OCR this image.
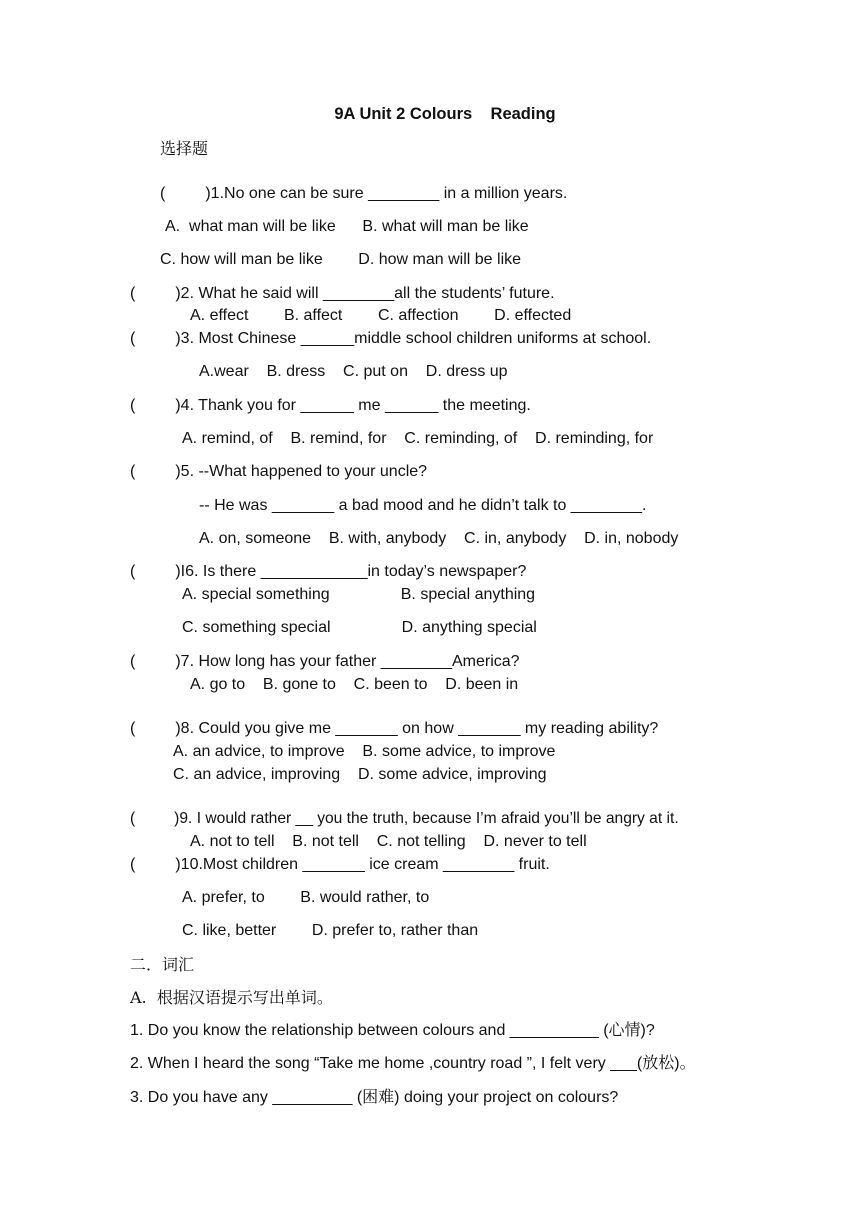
9A Unit 2 Colours    Reading
选择题
(         )1.No one can be sure ________ in a million years.
A.  what man will be like      B. what will man be like
C. how will man be like        D. how man will be like
(         )2. What he said will ________all the students’ future.
A. effect        B. affect        C. affection        D. effected
(         )3. Most Chinese ______middle school children uniforms at school.
A.wear    B. dress    C. put on    D. dress up
(         )4. Thank you for ______ me ______ the meeting.
A. remind, of    B. remind, for    C. reminding, of    D. reminding, for
(         )5. --What happened to your uncle?
-- He was _______ a bad mood and he didn’t talk to ________.
A. on, someone    B. with, anybody    C. in, anybody    D. in, nobody
(         )I6. Is there ____________in today’s newspaper?
A. special something                B. special anything
C. something special                D. anything special
(         )7. How long has your father ________America?
A. go to    B. gone to    C. been to    D. been in
(         )8. Could you give me _______ on how _______ my reading ability?
A. an advice, to improve    B. some advice, to improve
C. an advice, improving    D. some advice, improving
(         )9. I would rather __ you the truth, because I’m afraid you’ll be angry at it.
A. not to tell    B. not tell    C. not telling    D. never to tell
(         )10.Most children _______ ice cream ________ fruit.
A. prefer, to        B. would rather, to
C. like, better        D. prefer to, rather than
二．词汇
A.  根据汉语提示写出单词。
1. Do you know the relationship between colours and __________ (心情)?
2. When I heard the song “Take me home ,country road ”, I felt very ___(放松)。
3. Do you have any _________ (困难) doing your project on colours?
